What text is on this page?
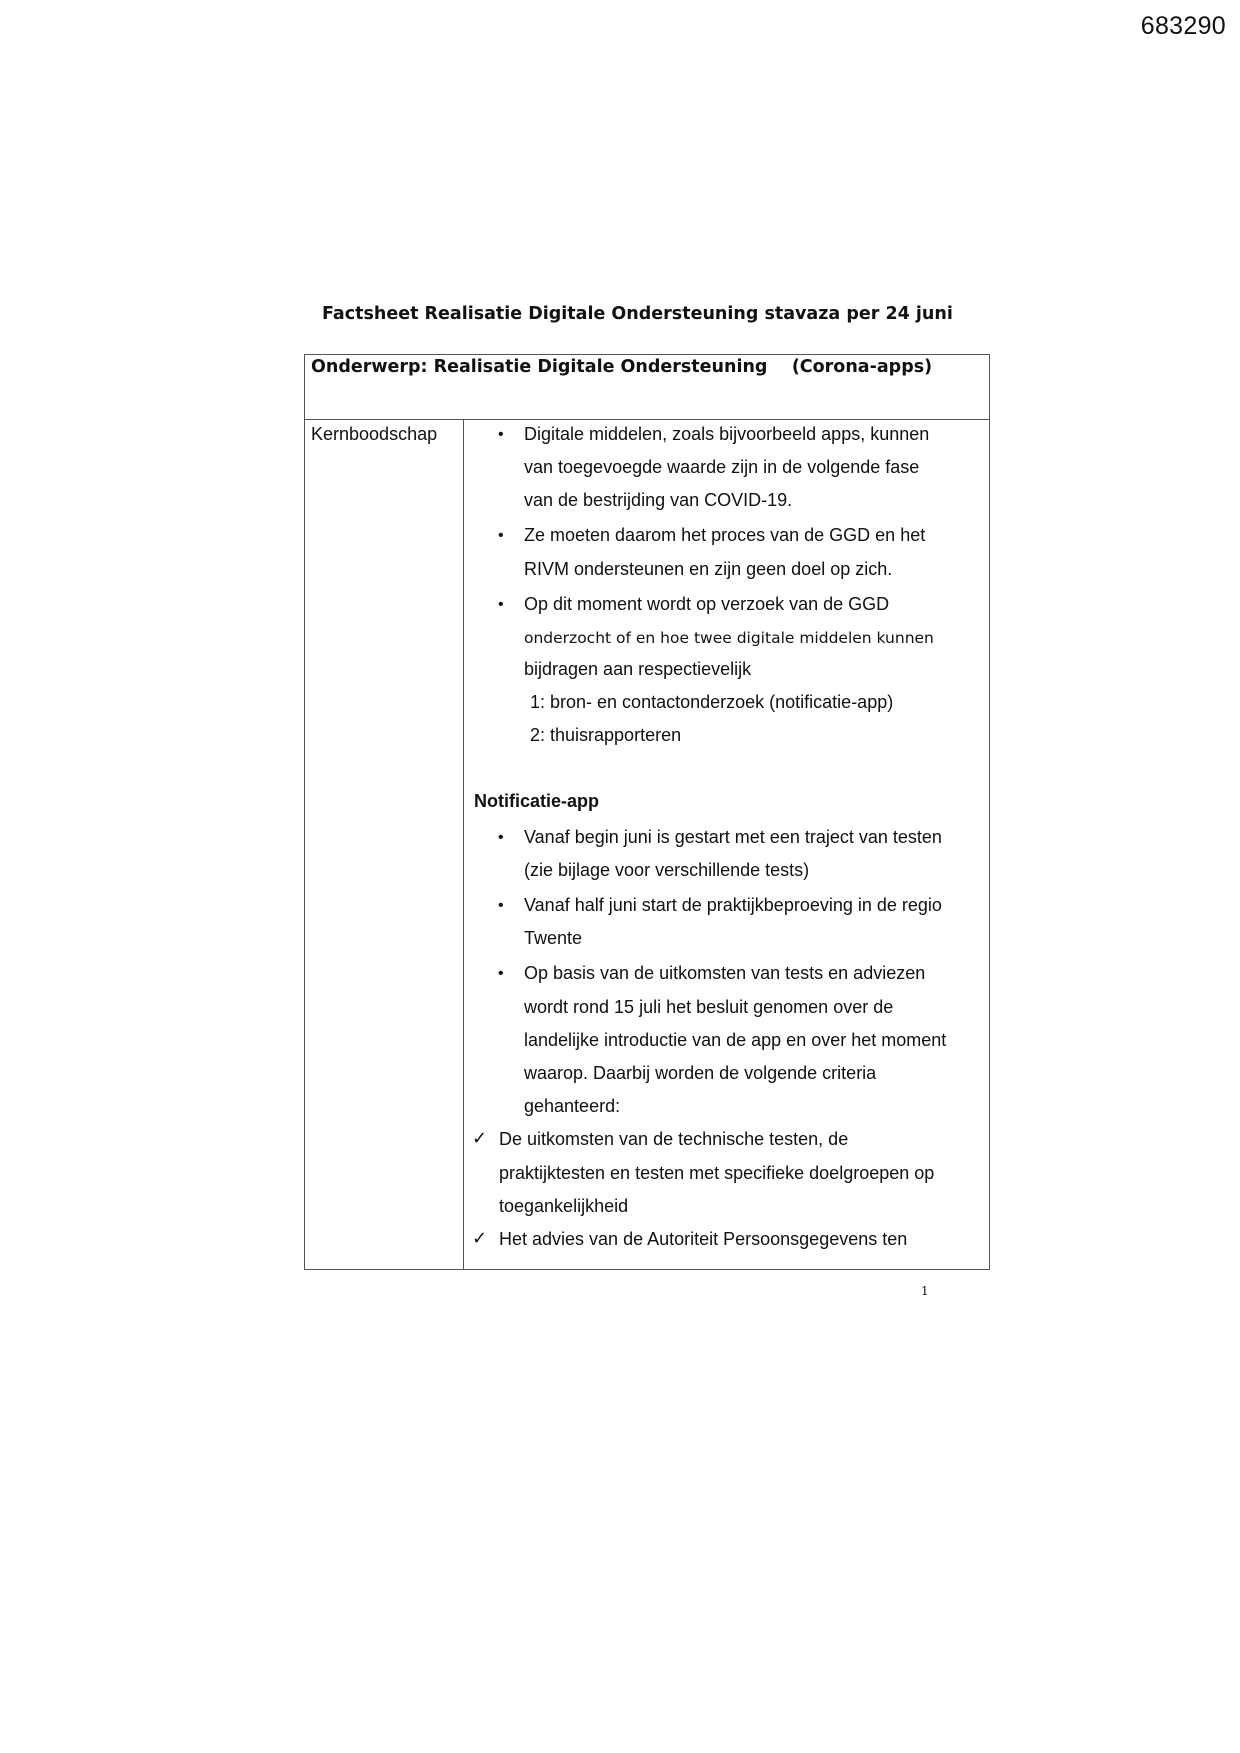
683290
Factsheet Realisatie Digitale Ondersteuning stavaza per 24 juni
Onderwerp: Realisatie Digitale Ondersteuning    (Corona-apps)
Kernboodschap	• Digitale middelen, zoals bijvoorbeeld apps, kunnen
van toegevoegde waarde zijn in de volgende fase
van de bestrijding van COVID-19.
• Ze moeten daarom het proces van de GGD en het
RIVM ondersteunen en zijn geen doel op zich.
• Op dit moment wordt op verzoek van de GGD
onderzocht of en hoe twee digitale middelen kunnen
bijdragen aan respectievelijk
1: bron- en contactonderzoek (notificatie-app)
2: thuisrapporteren
Notificatie-app
• Vanaf begin juni is gestart met een traject van testen
(zie bijlage voor verschillende tests)
• Vanaf half juni start de praktijkbeproeving in de regio
Twente
• Op basis van de uitkomsten van tests en adviezen
wordt rond 15 juli het besluit genomen over de
landelijke introductie van de app en over het moment
waarop. Daarbij worden de volgende criteria
gehanteerd:
✓ De uitkomsten van de technische testen, de
praktijktesten en testen met specifieke doelgroepen op
toegankelijkheid
✓ Het advies van de Autoriteit Persoonsgegevens ten
1
